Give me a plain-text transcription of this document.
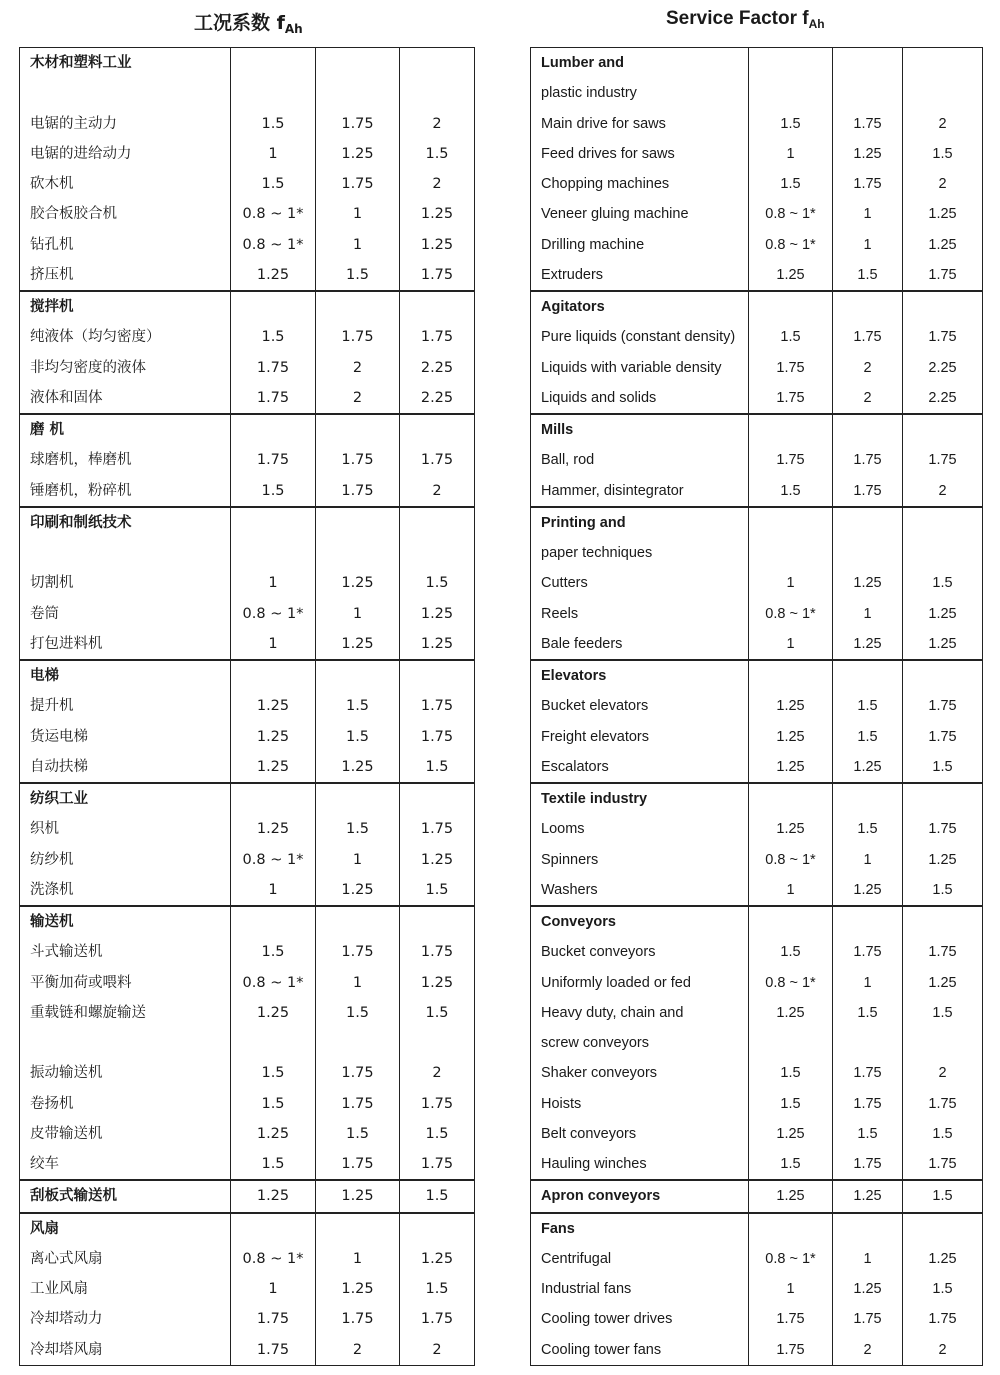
工况系数 $f_{Ah}$	Service Factor $f_{Ah}$
木材和塑料工业			

电锯的主动力	1.5	1.75	2
电锯的进给动力	1	1.25	1.5
砍木机	1.5	1.75	2
胶合板胶合机	0.8 ~ 1*	1	1.25
钻孔机	0.8 ~ 1*	1	1.25
挤压机	1.25	1.5	1.75
搅拌机			
纯液体（均匀密度）	1.5	1.75	1.75
非均匀密度的液体	1.75	2	2.25
液体和固体	1.75	2	2.25
磨 机			
球磨机，棒磨机	1.75	1.75	1.75
锤磨机，粉碎机	1.5	1.75	2
印刷和制纸技术			

切割机	1	1.25	1.5
卷筒	0.8 ~ 1*	1	1.25
打包进料机	1	1.25	1.25
电梯			
提升机	1.25	1.5	1.75
货运电梯	1.25	1.5	1.75
自动扶梯	1.25	1.25	1.5
纺织工业			
织机	1.25	1.5	1.75
纺纱机	0.8 ~ 1*	1	1.25
洗涤机	1	1.25	1.5
输送机			
斗式输送机	1.5	1.75	1.75
平衡加荷或喂料	0.8 ~ 1*	1	1.25
重载链和螺旋输送	1.25	1.5	1.5

振动输送机	1.5	1.75	2
卷扬机	1.5	1.75	1.75
皮带输送机	1.25	1.5	1.5
绞车	1.5	1.75	1.75
刮板式输送机	1.25	1.25	1.5
风扇			
离心式风扇	0.8 ~ 1*	1	1.25
工业风扇	1	1.25	1.5
冷却塔动力	1.75	1.75	1.75
冷却塔风扇	1.75	2	2
Lumber and			
plastic industry			
Main drive for saws	1.5	1.75	2
Feed drives for saws	1	1.25	1.5
Chopping machines	1.5	1.75	2
Veneer gluing machine	0.8 ~ 1*	1	1.25
Drilling machine	0.8 ~ 1*	1	1.25
Extruders	1.25	1.5	1.75
Agitators			
Pure liquids (constant density)	1.5	1.75	1.75
Liquids with variable density	1.75	2	2.25
Liquids and solids	1.75	2	2.25
Mills			
Ball, rod	1.75	1.75	1.75
Hammer, disintegrator	1.5	1.75	2
Printing and			
paper techniques			
Cutters	1	1.25	1.5
Reels	0.8 ~ 1*	1	1.25
Bale feeders	1	1.25	1.25
Elevators			
Bucket elevators	1.25	1.5	1.75
Freight elevators	1.25	1.5	1.75
Escalators	1.25	1.25	1.5
Textile industry			
Looms	1.25	1.5	1.75
Spinners	0.8 ~ 1*	1	1.25
Washers	1	1.25	1.5
Conveyors			
Bucket conveyors	1.5	1.75	1.75
Uniformly loaded or fed	0.8 ~ 1*	1	1.25
Heavy duty, chain and	1.25	1.5	1.5
screw conveyors			
Shaker conveyors	1.5	1.75	2
Hoists	1.5	1.75	1.75
Belt conveyors	1.25	1.5	1.5
Hauling winches	1.5	1.75	1.75
Apron conveyors	1.25	1.25	1.5
Fans			
Centrifugal	0.8 ~ 1*	1	1.25
Industrial fans	1	1.25	1.5
Cooling tower drives	1.75	1.75	1.75
Cooling tower fans	1.75	2	2
